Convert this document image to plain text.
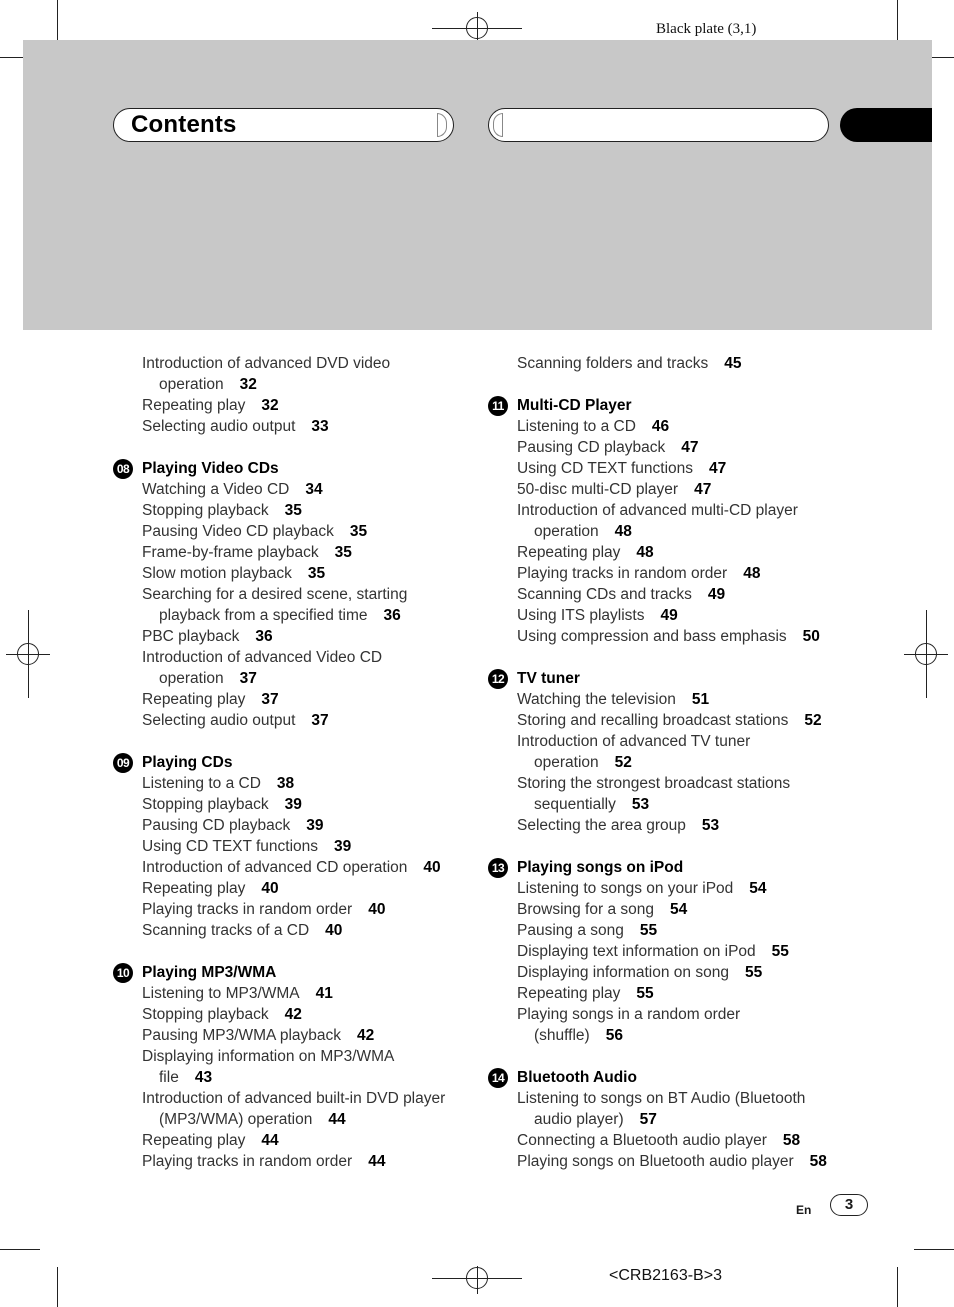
Black plate (3,1)
Contents
Introduction of advanced DVD video
operation 32
Repeating play 32
Selecting audio output 33
08 Playing Video CDs
Watching a Video CD 34
Stopping playback 35
Pausing Video CD playback 35
Frame-by-frame playback 35
Slow motion playback 35
Searching for a desired scene, starting
playback from a specified time 36
PBC playback 36
Introduction of advanced Video CD
operation 37
Repeating play 37
Selecting audio output 37
09 Playing CDs
Listening to a CD 38
Stopping playback 39
Pausing CD playback 39
Using CD TEXT functions 39
Introduction of advanced CD operation 40
Repeating play 40
Playing tracks in random order 40
Scanning tracks of a CD 40
10 Playing MP3/WMA
Listening to MP3/WMA 41
Stopping playback 42
Pausing MP3/WMA playback 42
Displaying information on MP3/WMA
file 43
Introduction of advanced built-in DVD player
(MP3/WMA) operation 44
Repeating play 44
Playing tracks in random order 44
Scanning folders and tracks 45
11 Multi-CD Player
Listening to a CD 46
Pausing CD playback 47
Using CD TEXT functions 47
50-disc multi-CD player 47
Introduction of advanced multi-CD player
operation 48
Repeating play 48
Playing tracks in random order 48
Scanning CDs and tracks 49
Using ITS playlists 49
Using compression and bass emphasis 50
12 TV tuner
Watching the television 51
Storing and recalling broadcast stations 52
Introduction of advanced TV tuner
operation 52
Storing the strongest broadcast stations
sequentially 53
Selecting the area group 53
13 Playing songs on iPod
Listening to songs on your iPod 54
Browsing for a song 54
Pausing a song 55
Displaying text information on iPod 55
Displaying information on song 55
Repeating play 55
Playing songs in a random order
(shuffle) 56
14 Bluetooth Audio
Listening to songs on BT Audio (Bluetooth
audio player) 57
Connecting a Bluetooth audio player 58
Playing songs on Bluetooth audio player 58
En	3
<CRB2163-B>3
